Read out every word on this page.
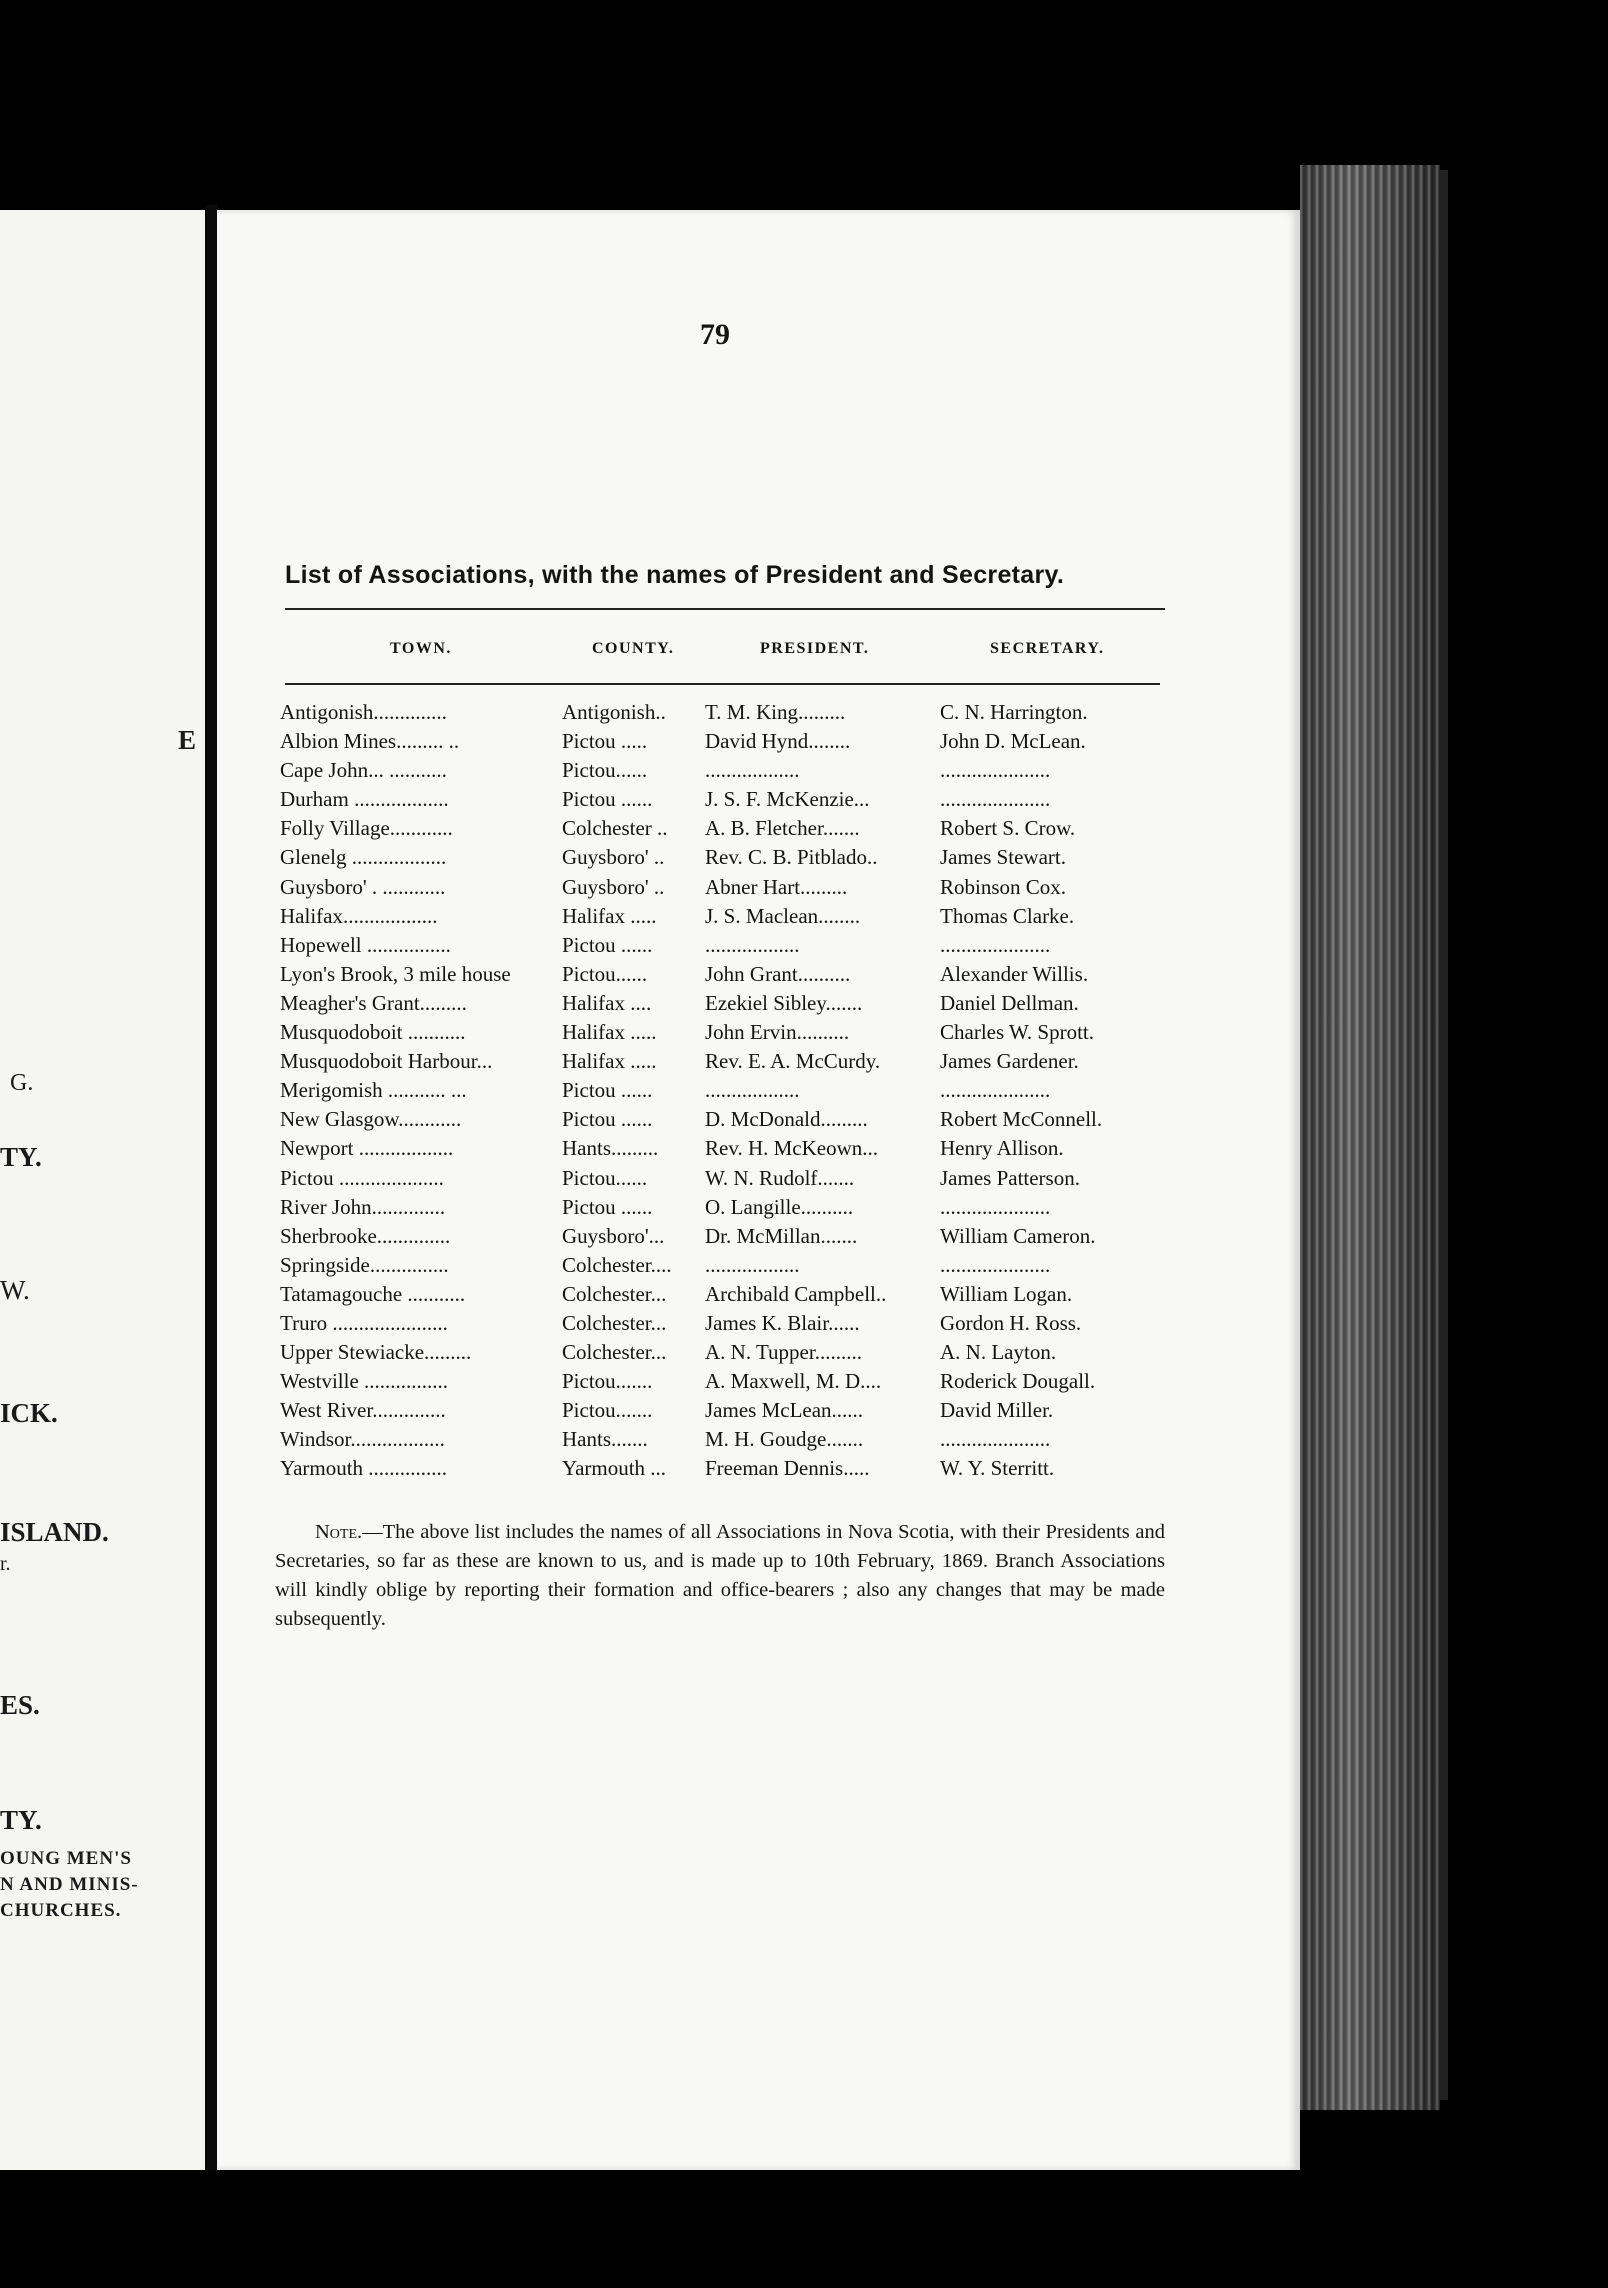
E
G.
TY.
W.
ICK.
ISLAND.
r.
ES.
TY.
OUNG MEN'S
N AND MINIS-
CHURCHES.
79
List of Associations, with the names of President and Secretary.
TOWN.	COUNTY.	PRESIDENT.	SECRETARY.
Antigonish..............	Antigonish.. T. M. King.........	C. N. Harrington.
Albion Mines......... ..	Pictou .....	David Hynd........	John D. McLean.
Cape John... ...........	Pictou......	..................	.....................
Durham ..................	Pictou ......	J. S. F. McKenzie...	.....................
Folly Village............	Colchester .. A. B. Fletcher.......	Robert S. Crow.
Glenelg ..................	Guysboro' .. Rev. C. B. Pitblado..	James Stewart.
Guysboro' . ............	Guysboro' .. Abner Hart.........	Robinson Cox.
Halifax..................	Halifax ..... J. S. Maclean........	Thomas Clarke.
Hopewell ................	Pictou ......	..................	.....................
Lyon's Brook, 3 mile house Pictou......	John Grant..........	Alexander Willis.
Meagher's Grant.........	Halifax ....	Ezekiel Sibley.......	Daniel Dellman.
Musquodoboit ...........	Halifax ..... John Ervin..........	Charles W. Sprott.
Musquodoboit Harbour...	Halifax ..... Rev. E. A. McCurdy.	James Gardener.
Merigomish ........... ...	Pictou ......	..................	.....................
New Glasgow............	Pictou ......	D. McDonald.........	Robert McConnell.
Newport ..................	Hants......... Rev. H. McKeown...	Henry Allison.
Pictou ....................	Pictou......	W. N. Rudolf.......	James Patterson.
River John..............	Pictou ......	O. Langille..........	.....................
Sherbrooke..............	Guysboro'... Dr. McMillan.......	William Cameron.
Springside...............	Colchester.... ..................	.....................
Tatamagouche ...........	Colchester... Archibald Campbell..	William Logan.
Truro ......................	Colchester... James K. Blair......	Gordon H. Ross.
Upper Stewiacke.........	Colchester... A. N. Tupper.........	A. N. Layton.
Westville ................	Pictou.......	A. Maxwell, M. D....	Roderick Dougall.
West River..............	Pictou.......	James McLean......	David Miller.
Windsor..................	Hants.......	M. H. Goudge.......	.....................
Yarmouth ...............	Yarmouth ... Freeman Dennis.....	W. Y. Sterritt.
Note.—The above list includes the names of all Associations in Nova Scotia, with their Presidents and Secretaries, so far as these are known to us, and is made up to 10th February, 1869. Branch Associations will kindly oblige by reporting their formation and office-bearers ; also any changes that may be made subsequently.
